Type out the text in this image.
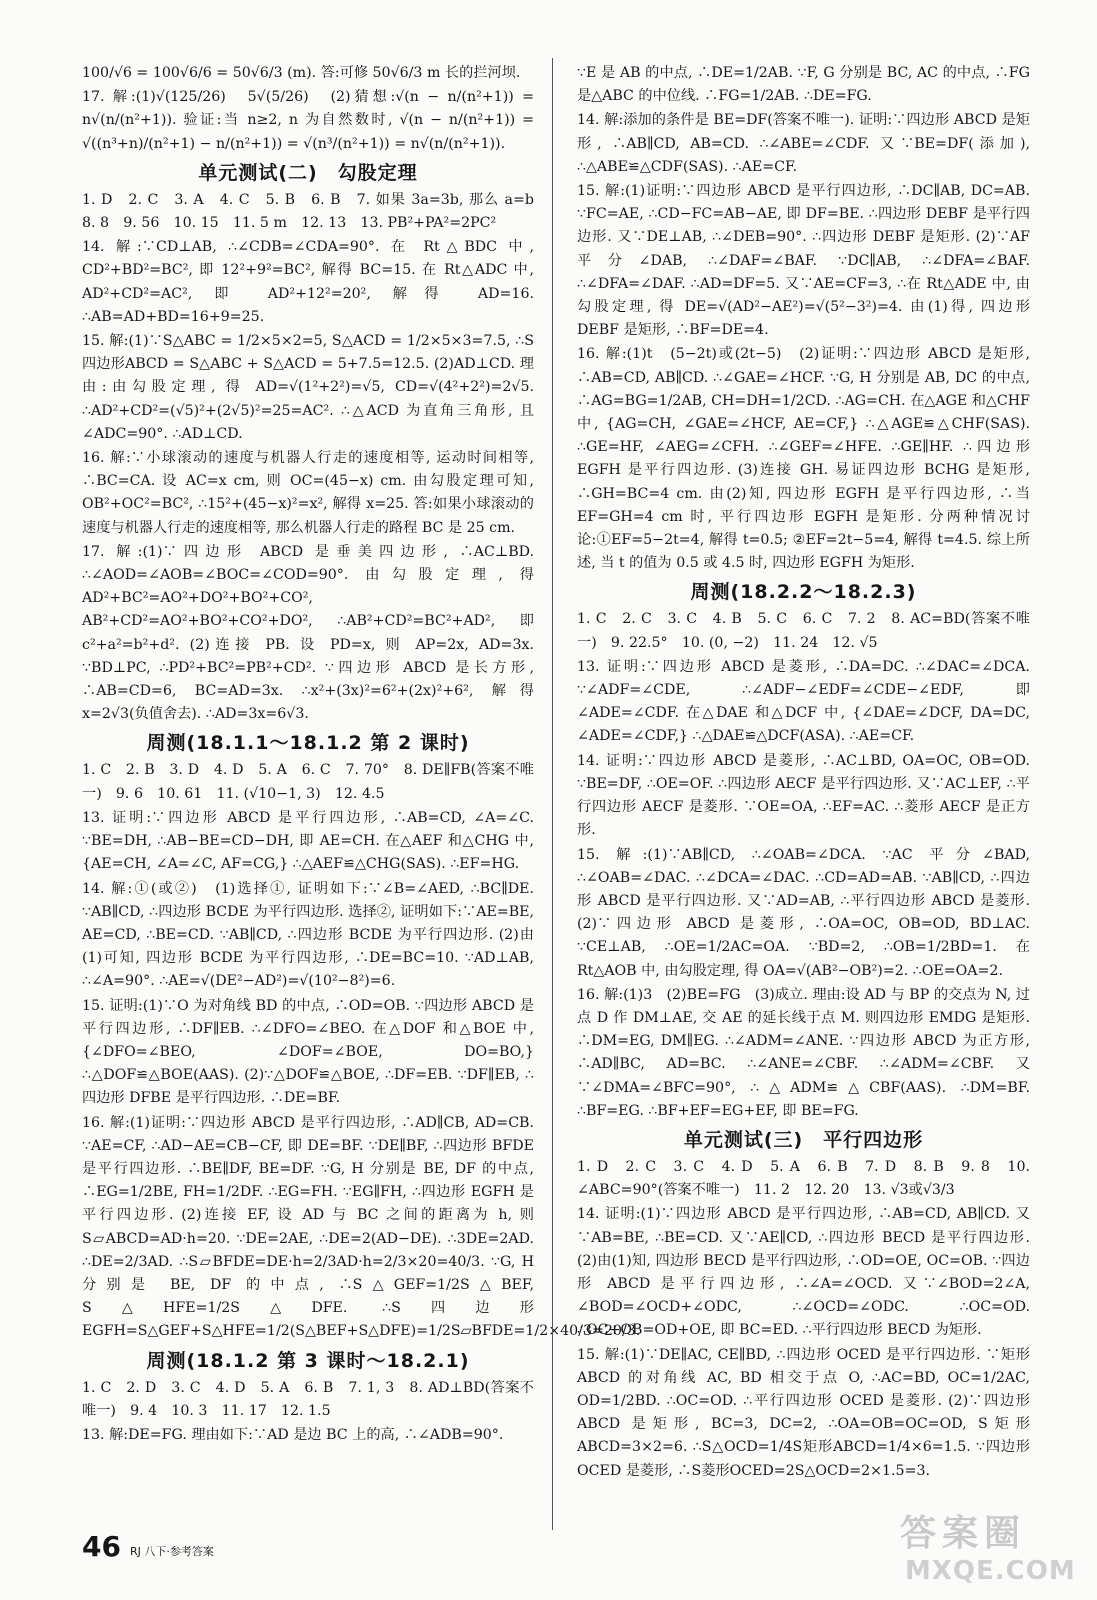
100/√6 = 100√6/6 = 50√6/3 (m). 答:可修 50√6/3 m 长的拦河坝.

17. 解:(1)√(125/26)　5√(5/26)　(2)猜想:√(n − n/(n²+1)) = n√(n/(n²+1)). 验证:当 n≥2, n 为自然数时, √(n − n/(n²+1)) = √((n³+n)/(n²+1) − n/(n²+1)) = √(n³/(n²+1)) = n√(n/(n²+1)).

单元测试(二)　勾股定理

1. D　2. C　3. A　4. C　5. B　6. B　7. 如果 3a=3b, 那么 a=b　8. 8　9. 56　10. 15　11. 5 m　12. 13　13. PB²+PA²=2PC²

14. 解:∵CD⊥AB, ∴∠CDB=∠CDA=90°. 在 Rt△BDC 中, CD²+BD²=BC², 即 12²+9²=BC², 解得 BC=15. 在 Rt△ADC 中, AD²+CD²=AC², 即 AD²+12²=20², 解得 AD=16. ∴AB=AD+BD=16+9=25.

15. 解:(1)∵S△ABC = 1/2×5×2=5, S△ACD = 1/2×5×3=7.5, ∴S四边形ABCD = S△ABC + S△ACD = 5+7.5=12.5. (2)AD⊥CD. 理由:由勾股定理, 得 AD=√(1²+2²)=√5, CD=√(4²+2²)=2√5. ∴AD²+CD²=(√5)²+(2√5)²=25=AC². ∴△ACD 为直角三角形, 且∠ADC=90°. ∴AD⊥CD.

16. 解:∵小球滚动的速度与机器人行走的速度相等, 运动时间相等, ∴BC=CA. 设 AC=x cm, 则 OC=(45−x) cm. 由勾股定理可知, OB²+OC²=BC², ∴15²+(45−x)²=x², 解得 x=25. 答:如果小球滚动的速度与机器人行走的速度相等, 那么机器人行走的路程 BC 是 25 cm.

17. 解:(1)∵四边形 ABCD 是垂美四边形, ∴AC⊥BD. ∴∠AOD=∠AOB=∠BOC=∠COD=90°. 由勾股定理, 得 AD²+BC²=AO²+DO²+BO²+CO², AB²+CD²=AO²+BO²+CO²+DO², ∴AB²+CD²=BC²+AD², 即 c²+a²=b²+d². (2)连接 PB. 设 PD=x, 则 AP=2x, AD=3x. ∵BD⊥PC, ∴PD²+BC²=PB²+CD². ∵四边形 ABCD 是长方形, ∴AB=CD=6, BC=AD=3x. ∴x²+(3x)²=6²+(2x)²+6², 解得 x=2√3(负值舍去). ∴AD=3x=6√3.

周测(18.1.1～18.1.2 第 2 课时)

1. C　2. B　3. D　4. D　5. A　6. C　7. 70°　8. DE∥FB(答案不唯一)　9. 6　10. 61　11. (√10−1, 3)　12. 4.5

13. 证明:∵四边形 ABCD 是平行四边形, ∴AB=CD, ∠A=∠C. ∵BE=DH, ∴AB−BE=CD−DH, 即 AE=CH. 在△AEF 和△CHG 中, {AE=CH, ∠A=∠C, AF=CG,} ∴△AEF≌△CHG(SAS). ∴EF=HG.

14. 解:①(或②)　(1)选择①, 证明如下:∵∠B=∠AED, ∴BC∥DE. ∵AB∥CD, ∴四边形 BCDE 为平行四边形. 选择②, 证明如下:∵AE=BE, AE=CD, ∴BE=CD. ∵AB∥CD, ∴四边形 BCDE 为平行四边形. (2)由(1)可知, 四边形 BCDE 为平行四边形, ∴DE=BC=10. ∵AD⊥AB, ∴∠A=90°. ∴AE=√(DE²−AD²)=√(10²−8²)=6.

15. 证明:(1)∵O 为对角线 BD 的中点, ∴OD=OB. ∵四边形 ABCD 是平行四边形, ∴DF∥EB. ∴∠DFO=∠BEO. 在△DOF 和△BOE 中, {∠DFO=∠BEO, ∠DOF=∠BOE, DO=BO,} ∴△DOF≌△BOE(AAS). (2)∵△DOF≌△BOE, ∴DF=EB. ∵DF∥EB, ∴四边形 DFBE 是平行四边形. ∴DE=BF.

16. 解:(1)证明:∵四边形 ABCD 是平行四边形, ∴AD∥CB, AD=CB. ∵AE=CF, ∴AD−AE=CB−CF, 即 DE=BF. ∵DE∥BF, ∴四边形 BFDE 是平行四边形. ∴BE∥DF, BE=DF. ∵G, H 分别是 BE, DF 的中点, ∴EG=1/2BE, FH=1/2DF. ∴EG=FH. ∵EG∥FH, ∴四边形 EGFH 是平行四边形. (2)连接 EF, 设 AD 与 BC 之间的距离为 h, 则 S▱ABCD=AD·h=20. ∵DE=2AE, ∴DE=2(AD−DE). ∴3DE=2AD. ∴DE=2/3AD. ∴S▱BFDE=DE·h=2/3AD·h=2/3×20=40/3. ∵G, H 分别是 BE, DF 的中点, ∴S△GEF=1/2S△BEF, S△HFE=1/2S△DFE. ∴S四边形EGFH=S△GEF+S△HFE=1/2(S△BEF+S△DFE)=1/2S▱BFDE=1/2×40/3=20/3.

周测(18.1.2 第 3 课时～18.2.1)

1. C　2. D　3. C　4. D　5. A　6. B　7. 1, 3　8. AD⊥BD(答案不唯一)　9. 4　10. 3　11. 17　12. 1.5

13. 解:DE=FG. 理由如下:∵AD 是边 BC 上的高, ∴∠ADB=90°.

∵E 是 AB 的中点, ∴DE=1/2AB. ∵F, G 分别是 BC, AC 的中点, ∴FG 是△ABC 的中位线. ∴FG=1/2AB. ∴DE=FG.

14. 解:添加的条件是 BE=DF(答案不唯一). 证明:∵四边形 ABCD 是矩形, ∴AB∥CD, AB=CD. ∴∠ABE=∠CDF. 又∵BE=DF(添加), ∴△ABE≌△CDF(SAS). ∴AE=CF.

15. 解:(1)证明:∵四边形 ABCD 是平行四边形, ∴DC∥AB, DC=AB. ∵FC=AE, ∴CD−FC=AB−AE, 即 DF=BE. ∴四边形 DEBF 是平行四边形. 又∵DE⊥AB, ∴∠DEB=90°. ∴四边形 DEBF 是矩形. (2)∵AF 平分∠DAB, ∴∠DAF=∠BAF. ∵DC∥AB, ∴∠DFA=∠BAF. ∴∠DFA=∠DAF. ∴AD=DF=5. 又∵AE=CF=3, ∴在 Rt△ADE 中, 由勾股定理, 得 DE=√(AD²−AE²)=√(5²−3²)=4. 由(1)得, 四边形 DEBF 是矩形, ∴BF=DE=4.

16. 解:(1)t　(5−2t)或(2t−5)　(2)证明:∵四边形 ABCD 是矩形, ∴AB=CD, AB∥CD. ∴∠GAE=∠HCF. ∵G, H 分别是 AB, DC 的中点, ∴AG=BG=1/2AB, CH=DH=1/2CD. ∴AG=CH. 在△AGE 和△CHF 中, {AG=CH, ∠GAE=∠HCF, AE=CF,} ∴△AGE≌△CHF(SAS). ∴GE=HF, ∠AEG=∠CFH. ∴∠GEF=∠HFE. ∴GE∥HF. ∴四边形 EGFH 是平行四边形. (3)连接 GH. 易证四边形 BCHG 是矩形, ∴GH=BC=4 cm. 由(2)知, 四边形 EGFH 是平行四边形, ∴当 EF=GH=4 cm 时, 平行四边形 EGFH 是矩形. 分两种情况讨论:①EF=5−2t=4, 解得 t=0.5; ②EF=2t−5=4, 解得 t=4.5. 综上所述, 当 t 的值为 0.5 或 4.5 时, 四边形 EGFH 为矩形.

周测(18.2.2～18.2.3)

1. C　2. C　3. C　4. B　5. C　6. C　7. 2　8. AC=BD(答案不唯一)　9. 22.5°　10. (0, −2)　11. 24　12. √5

13. 证明:∵四边形 ABCD 是菱形, ∴DA=DC. ∴∠DAC=∠DCA. ∵∠ADF=∠CDE, ∴∠ADF−∠EDF=∠CDE−∠EDF, 即∠ADE=∠CDF. 在△DAE 和△DCF 中, {∠DAE=∠DCF, DA=DC, ∠ADE=∠CDF,} ∴△DAE≌△DCF(ASA). ∴AE=CF.

14. 证明:∵四边形 ABCD 是菱形, ∴AC⊥BD, OA=OC, OB=OD. ∵BE=DF, ∴OE=OF. ∴四边形 AECF 是平行四边形. 又∵AC⊥EF, ∴平行四边形 AECF 是菱形. ∵OE=OA, ∴EF=AC. ∴菱形 AECF 是正方形.

15. 解:(1)∵AB∥CD, ∴∠OAB=∠DCA. ∵AC 平分∠BAD, ∴∠OAB=∠DAC. ∴∠DCA=∠DAC. ∴CD=AD=AB. ∵AB∥CD, ∴四边形 ABCD 是平行四边形. 又∵AD=AB, ∴平行四边形 ABCD 是菱形. (2)∵四边形 ABCD 是菱形, ∴OA=OC, OB=OD, BD⊥AC. ∵CE⊥AB, ∴OE=1/2AC=OA. ∵BD=2, ∴OB=1/2BD=1. 在 Rt△AOB 中, 由勾股定理, 得 OA=√(AB²−OB²)=2. ∴OE=OA=2.

16. 解:(1)3　(2)BE=FG　(3)成立. 理由:设 AD 与 BP 的交点为 N, 过点 D 作 DM⊥AE, 交 AE 的延长线于点 M. 则四边形 EMDG 是矩形. ∴DM=EG, DM∥EG. ∴∠ADM=∠ANE. ∵四边形 ABCD 为正方形, ∴AD∥BC, AD=BC. ∴∠ANE=∠CBF. ∴∠ADM=∠CBF. 又∵∠DMA=∠BFC=90°, ∴△ADM≌△CBF(AAS). ∴DM=BF. ∴BF=EG. ∴BF+EF=EG+EF, 即 BE=FG.

单元测试(三)　平行四边形

1. D　2. C　3. C　4. D　5. A　6. B　7. D　8. B　9. 8　10. ∠ABC=90°(答案不唯一)　11. 2　12. 20　13. √3或√3/3

14. 证明:(1)∵四边形 ABCD 是平行四边形, ∴AB=CD, AB∥CD. 又∵AB=BE, ∴BE=CD. 又∵AE∥CD, ∴四边形 BECD 是平行四边形. (2)由(1)知, 四边形 BECD 是平行四边形, ∴OD=OE, OC=OB. ∵四边形 ABCD 是平行四边形, ∴∠A=∠OCD. 又∵∠BOD=2∠A, ∠BOD=∠OCD+∠ODC, ∴∠OCD=∠ODC. ∴OC=OD. ∴OC+OB=OD+OE, 即 BC=ED. ∴平行四边形 BECD 为矩形.

15. 解:(1)∵DE∥AC, CE∥BD, ∴四边形 OCED 是平行四边形. ∵矩形 ABCD 的对角线 AC, BD 相交于点 O, ∴AC=BD, OC=1/2AC, OD=1/2BD. ∴OC=OD. ∴平行四边形 OCED 是菱形. (2)∵四边形 ABCD 是矩形, BC=3, DC=2, ∴OA=OB=OC=OD, S矩形ABCD=3×2=6. ∴S△OCD=1/4S矩形ABCD=1/4×6=1.5. ∵四边形 OCED 是菱形, ∴S菱形OCED=2S△OCD=2×1.5=3.

46 RJ 八下·参考答案	答案圈
MXQE.COM
